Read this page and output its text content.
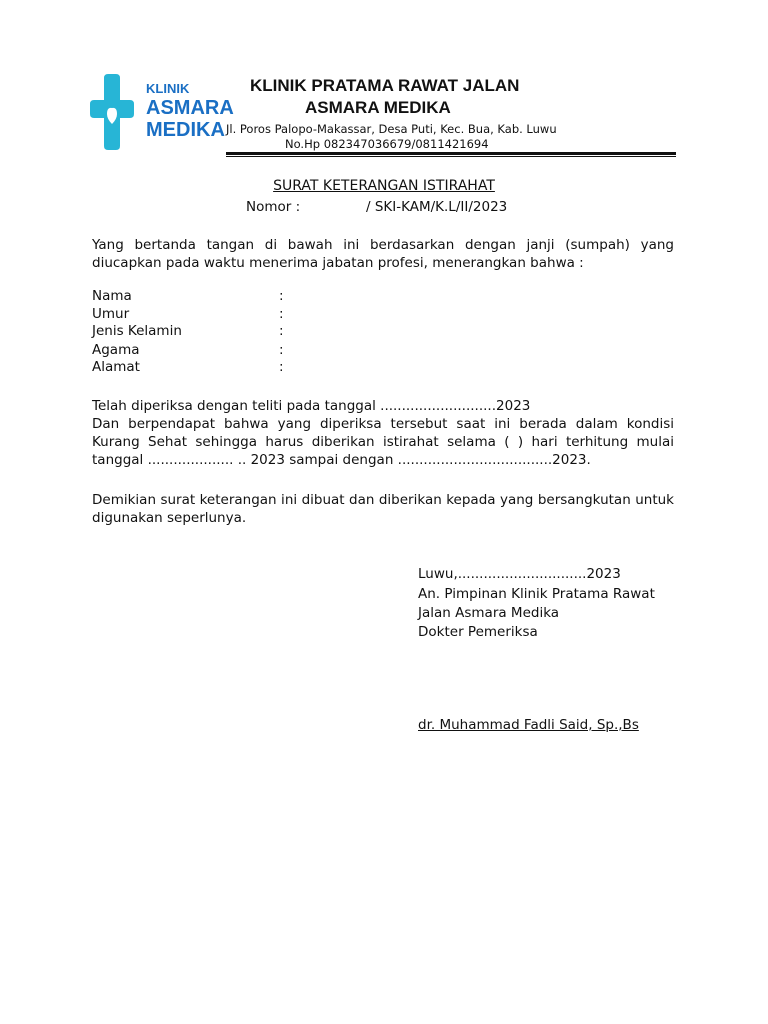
KLINIK
ASMARA
MEDIKA
KLINIK PRATAMA RAWAT JALAN
ASMARA MEDIKA
Jl. Poros Palopo-Makassar, Desa Puti, Kec. Bua, Kab. Luwu
No.Hp 082347036679/0811421694
SURAT KETERANGAN ISTIRAHAT
Nomor :	/ SKI-KAM/K.L/II/2023
Yang bertanda tangan di bawah ini berdasarkan dengan janji (sumpah) yang diucapkan pada waktu menerima jabatan profesi, menerangkan bahwa :
Nama	:
Umur	:
Jenis Kelamin	:
Agama	:
Alamat	:
Telah diperiksa dengan teliti pada tanggal ...........................2023
Dan berpendapat bahwa yang diperiksa tersebut saat ini berada dalam kondisi Kurang Sehat sehingga harus diberikan istirahat selama ( ) hari terhitung mulai tanggal .................... .. 2023 sampai dengan ....................................2023.
Demikian surat keterangan ini dibuat dan diberikan kepada yang bersangkutan untuk digunakan seperlunya.
Luwu,..............................2023
An. Pimpinan Klinik Pratama Rawat
Jalan Asmara Medika
Dokter Pemeriksa
dr. Muhammad Fadli Said, Sp.,Bs
